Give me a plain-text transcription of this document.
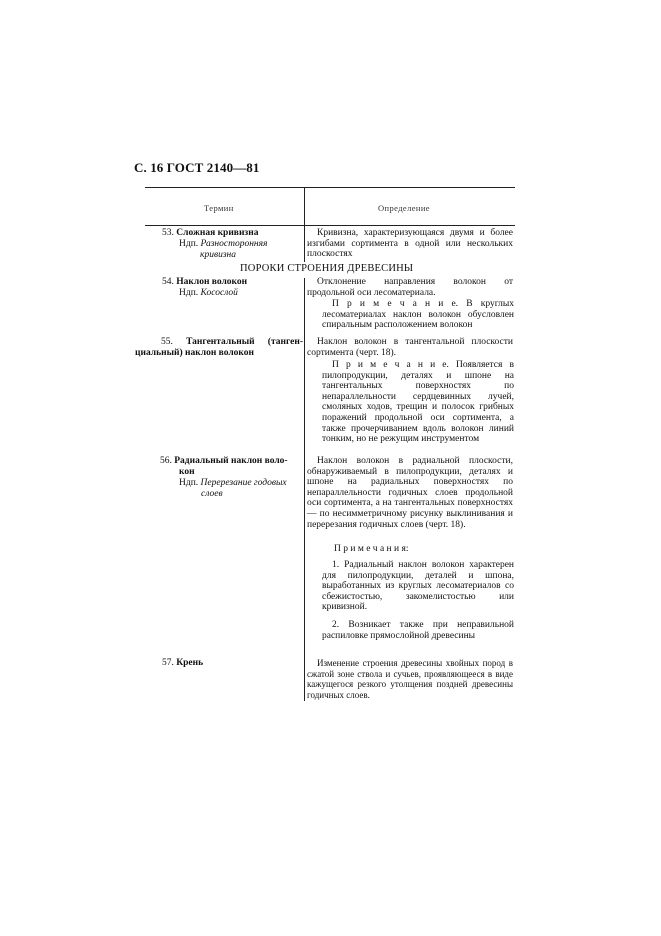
С. 16 ГОСТ 2140—81
Термин	Определение
53. Сложная кривизна
Ндп. Разносторонняя
кривизна

Кривизна, характеризующаяся двумя и более изгибами сортимента в одной или нескольких плоскостях

ПОРОКИ СТРОЕНИЯ ДРЕВЕСИНЫ
54. Наклон волокон
Ндп. Косослой

Отклонение направления волокон от продольной оси лесоматериала.

П р и м е ч а н и е. В круглых лесоматериалах наклон волокон обусловлен спиральным расположением волокон

55. Тангентальный (танген-
циальный) наклон волокон

Наклон волокон в тангентальной плоскости сортимента (черт. 18).

П р и м е ч а н и е. Появляется в пилопродукции, деталях и шпоне на тангентальных поверхностях по непараллельности сердцевинных лучей, смоляных ходов, трещин и полосок грибных поражений продольной оси сортимента, а также прочерчиванием вдоль волокон линий тонким, но не режущим инструментом

56. Радиальный наклон воло-
кон
Ндп. Перерезание годовых
слоев

Наклон волокон в радиальной плоскости, обнаруживаемый в пилопродукции, деталях и шпоне на радиальных поверхностях по непараллельности годичных слоев продольной оси сортимента, а на тангентальных поверхностях — по несимметричному рисунку выклинивания и перерезания годичных слоев (черт. 18).

П р и м е ч а н и я:

1. Радиальный наклон волокон характерен для пилопродукции, деталей и шпона, выработанных из круглых лесоматериалов со сбежистостью, закомелистостью или кривизной.

2. Возникает также при неправильной распиловке прямослойной древесины

57. Крень	Изменение строения древесины хвойных пород в сжатой зоне ствола и сучьев, проявляющееся в виде кажущегося резкого утолщения поздней древесины годичных слоев.
